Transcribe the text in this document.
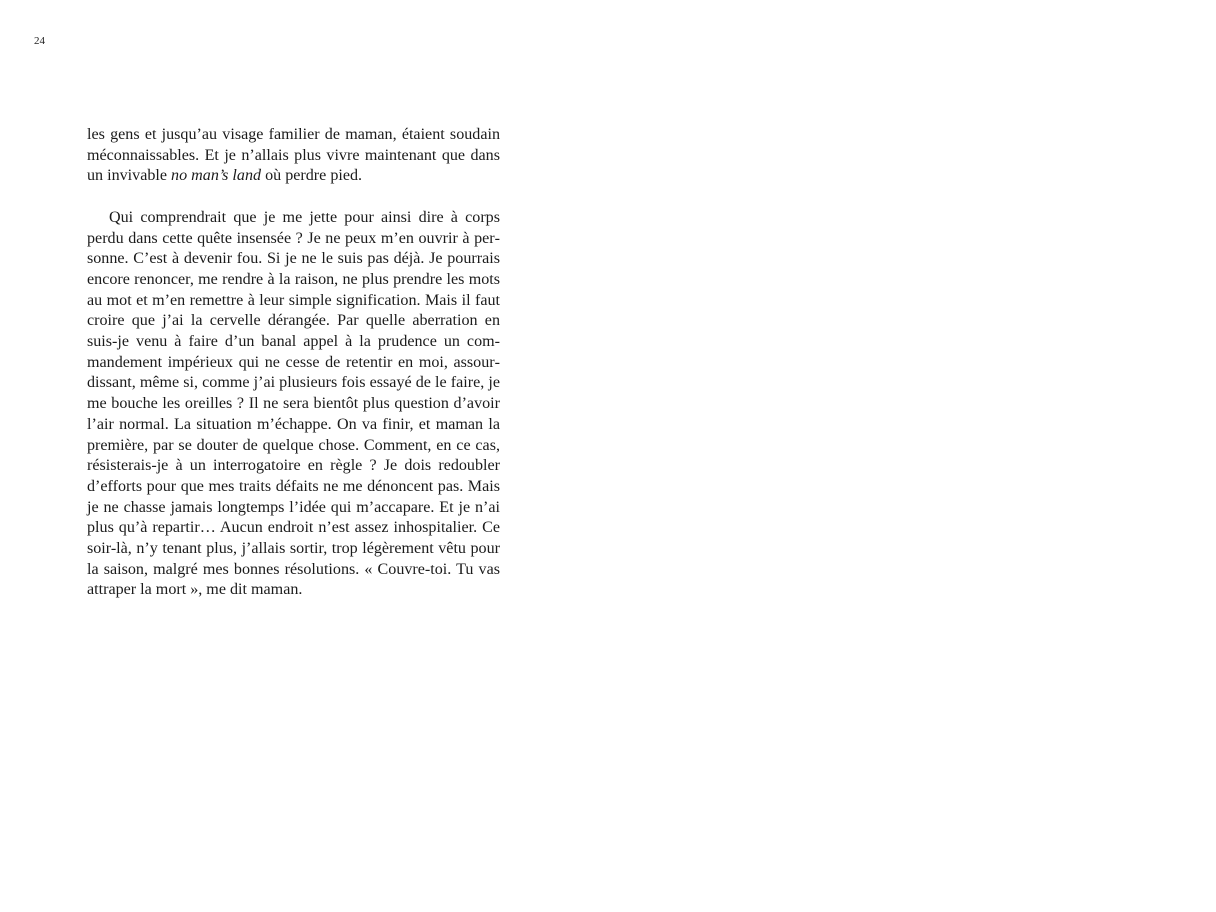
24

les gens et jusqu’au visage familier de maman, étaient soudain méconnaissables. Et je n’allais plus vivre maintenant que dans un invivable no man’s land où perdre pied.

Qui comprendrait que je me jette pour ainsi dire à corps perdu dans cette quête insensée ? Je ne peux m’en ouvrir à personne. C’est à devenir fou. Si je ne le suis pas déjà. Je pourrais encore renoncer, me rendre à la raison, ne plus prendre les mots au mot et m’en remettre à leur simple signification. Mais il faut croire que j’ai la cervelle dérangée. Par quelle aberration en suis-je venu à faire d’un banal appel à la prudence un commandement impérieux qui ne cesse de retentir en moi, assourdissant, même si, comme j’ai plusieurs fois essayé de le faire, je me bouche les oreilles ? Il ne sera bientôt plus question d’avoir l’air normal. La situation m’échappe. On va finir, et maman la première, par se douter de quelque chose. Comment, en ce cas, résisterais-je à un interrogatoire en règle ? Je dois redoubler d’efforts pour que mes traits défaits ne me dénoncent pas. Mais je ne chasse jamais longtemps l’idée qui m’accapare. Et je n’ai plus qu’à repartir… Aucun endroit n’est assez inhospitalier. Ce soir-là, n’y tenant plus, j’allais sortir, trop légèrement vêtu pour la saison, malgré mes bonnes résolutions. « Couvre-toi. Tu vas attraper la mort », me dit maman.
